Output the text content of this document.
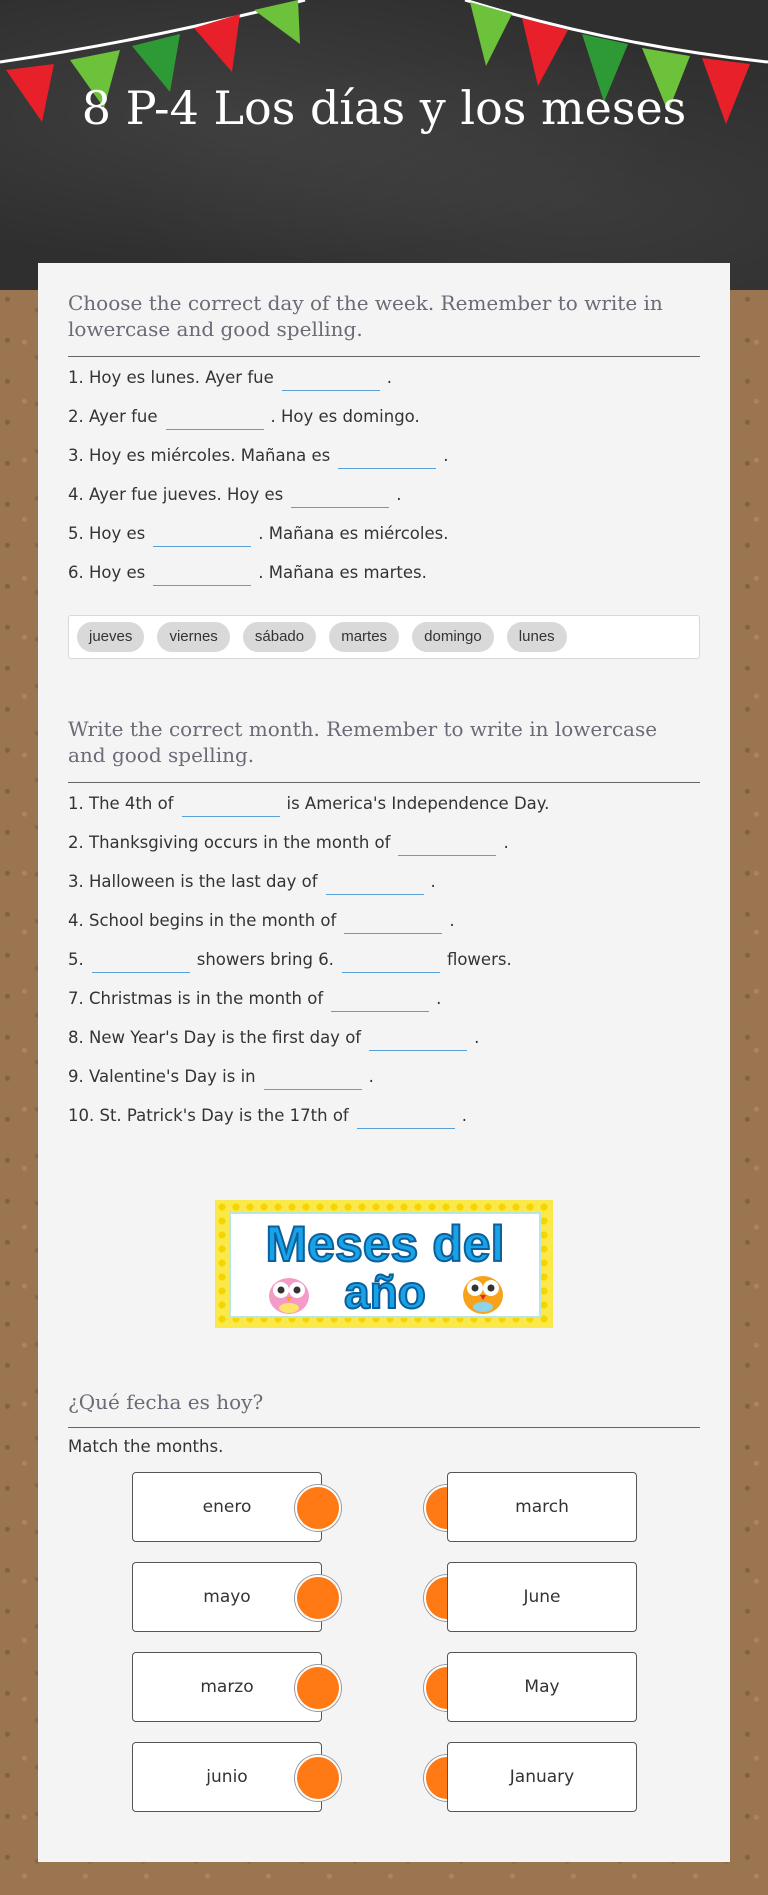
8 P-4 Los días y los meses
Choose the correct day of the week. Remember to write in lowercase and good spelling.
1. Hoy es lunes. Ayer fue	.
2. Ayer fue	. Hoy es domingo.
3. Hoy es miércoles. Mañana es	.
4. Ayer fue jueves. Hoy es	.
5. Hoy es	. Mañana es miércoles.
6. Hoy es	. Mañana es martes.
jueves viernes sábado martes domingo lunes
Write the correct month. Remember to write in lowercase and good spelling.
1. The 4th of	is America's Independence Day.
2. Thanksgiving occurs in the month of	.
3. Halloween is the last day of	.
4. School begins in the month of	.
5.	showers bring 6.	flowers.
7. Christmas is in the month of	.
8. New Year's Day is the first day of	.
9. Valentine's Day is in	.
10. St. Patrick's Day is the 17th of	.
Meses del
año
¿Qué fecha es hoy?
Match the months.
enero	march
mayo	June
marzo	May
junio	January
